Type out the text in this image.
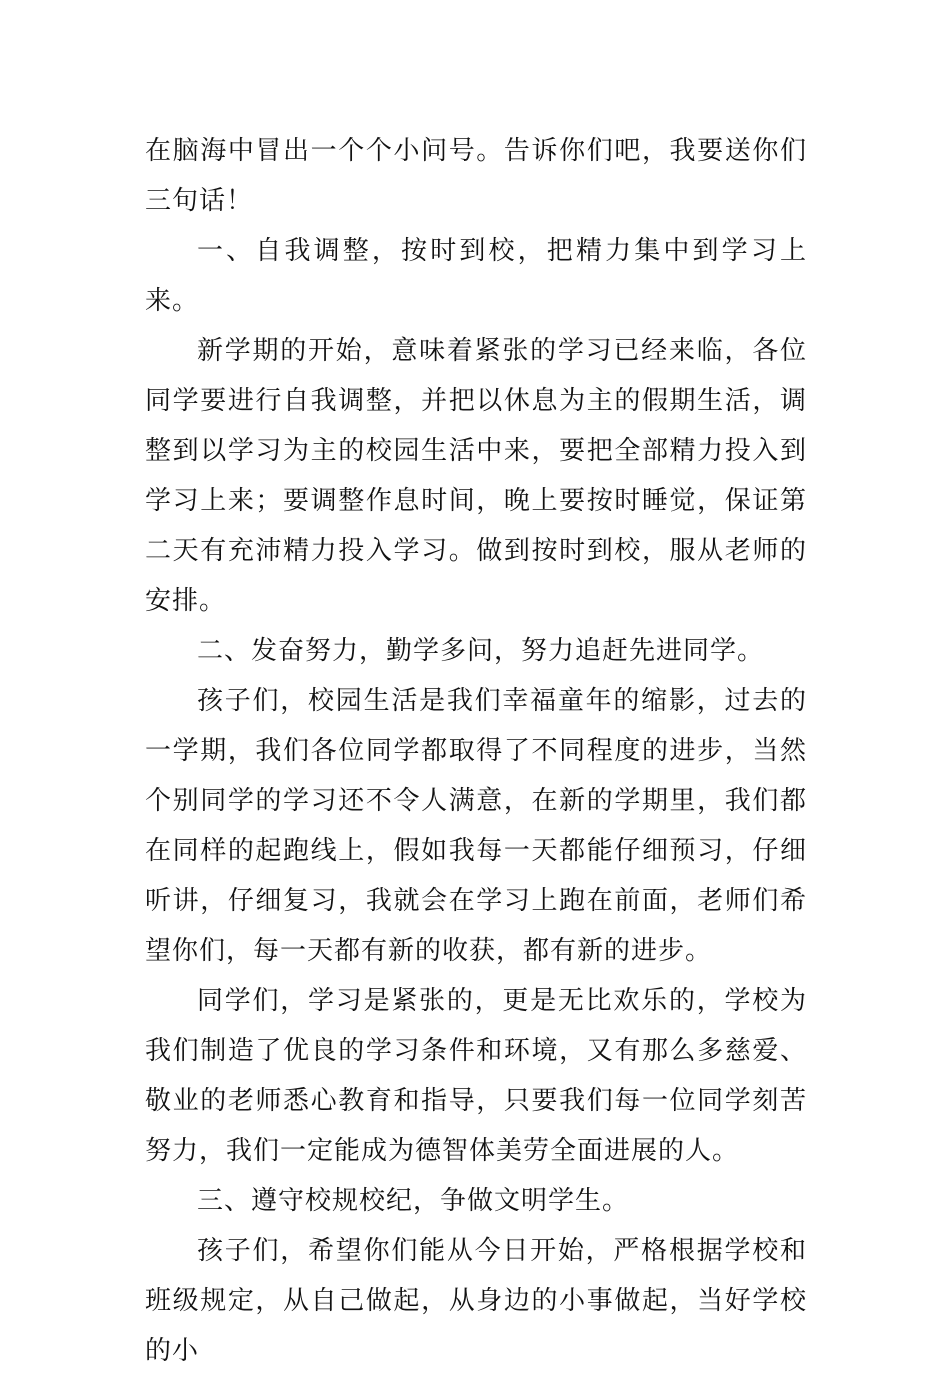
在脑海中冒出一个个小问号。告诉你们吧，我要送你们三句话！

一、自我调整，按时到校，把精力集中到学习上来。

新学期的开始，意味着紧张的学习已经来临，各位同学要进行自我调整，并把以休息为主的假期生活，调整到以学习为主的校园生活中来，要把全部精力投入到学习上来；要调整作息时间，晚上要按时睡觉，保证第二天有充沛精力投入学习。做到按时到校，服从老师的安排。

二、发奋努力，勤学多问，努力追赶先进同学。

孩子们，校园生活是我们幸福童年的缩影，过去的一学期，我们各位同学都取得了不同程度的进步，当然个别同学的学习还不令人满意，在新的学期里，我们都在同样的起跑线上，假如我每一天都能仔细预习，仔细听讲，仔细复习，我就会在学习上跑在前面，老师们希望你们，每一天都有新的收获，都有新的进步。

同学们，学习是紧张的，更是无比欢乐的，学校为我们制造了优良的学习条件和环境，又有那么多慈爱、敬业的老师悉心教育和指导，只要我们每一位同学刻苦努力，我们一定能成为德智体美劳全面进展的人。

三、遵守校规校纪，争做文明学生。

孩子们，希望你们能从今日开始，严格根据学校和班级规定，从自己做起，从身边的小事做起，当好学校的小
